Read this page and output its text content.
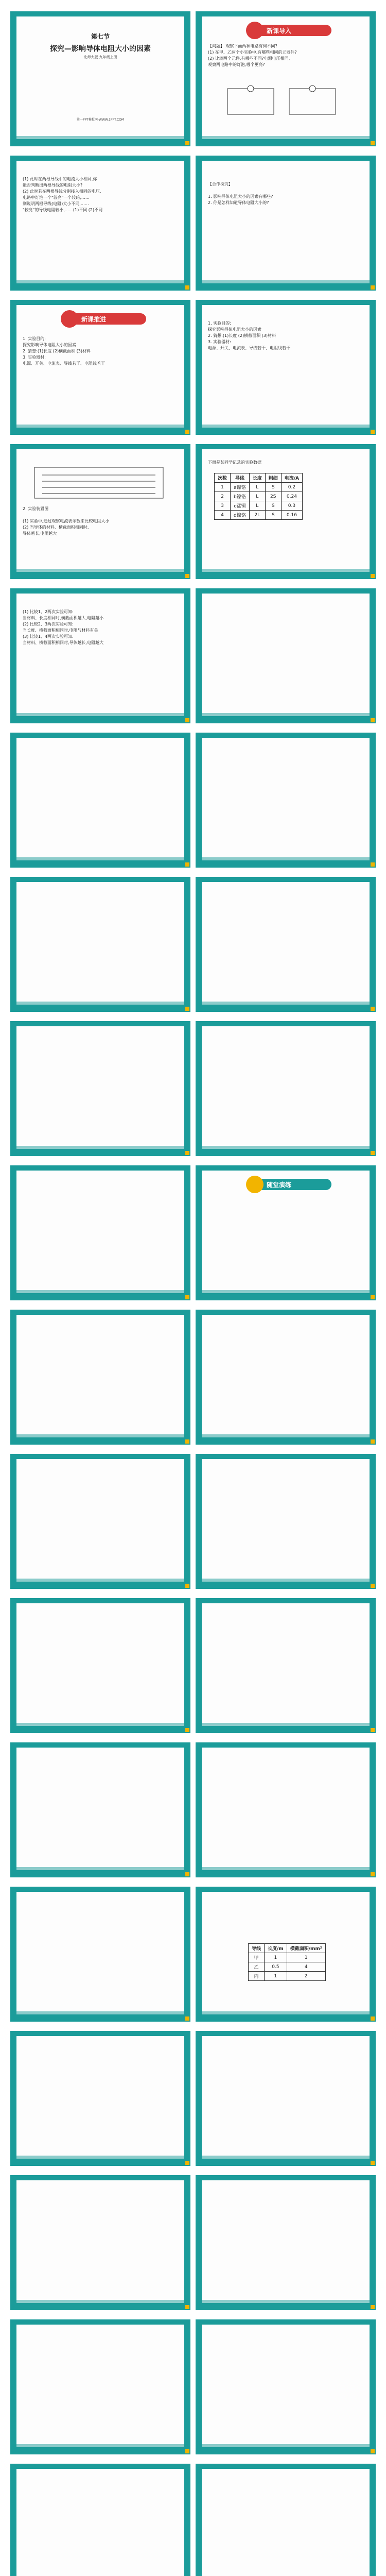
第七节
探究—影响导体电阻大小的因素
北师大版 九年级上册
第一PPT模板网-WWW.1PPT.COM
新课导入
【问题】 观察下面两种电路有何不同?
(1) 在甲、乙两个小实验中,有哪些相同的元器件?
(2) 比较两个元件,有哪些不同?电源电压相同,
观察两电路中的灯泡,哪个更亮?
(1) 此时在两根导线中的电流大小相同,你
能否判断出两根导线的电阻大小?
(2) 此时若在两根导线分别接入相同的电压,
电路中灯泡一个"较亮"一个较暗,……
则说明两根导线(电阻)大小不同,……
"较亮"的导线电阻较小,……(1)不同 (2)不同
【合作探究】

1. 影响导体电阻大小的因素有哪些?
2. 你是怎样知道导体电阻大小的?
新课推进
1. 实验目的:
探究影响导体电阻大小的因素
2. 猜想:(1)长度 (2)横截面积 (3)材料
3. 实验器材:
电源、开关、电流表、导线若干、电阻线若干
1. 实验目的:
探究影响导体电阻大小的因素
2. 猜想:(1)长度 (2)横截面积 (3)材料
3. 实验器材:
电源、开关、电流表、导线若干、电阻线若干
2. 实验装置图

(1) 实验中,通过观察电流表示数来比较电阻大小
(2) 当导体的材料、横截面积相同时,
导体越长,电阻越大
下面是某同学记录的实验数据
次数	导线	长度	粗细	电流/A
1	a镍铬	L	S	0.2
2	b镍铬	L	2S	0.24
3	c锰铜	L	S	0.3
4	d镍铬	2L	S	0.16
(1) 比较1、2两次实验可知:
当材料、长度相同时,横截面积越大,电阻越小
(2) 比较2、3两次实验可知:
当长度、横截面积相同时,电阻与材料有关
(3) 比较1、4两次实验可知:
当材料、横截面积相同时,导体越长,电阻越大
随堂演练
导线	长度/m	横截面积/mm²
甲	1	1
乙	0.5	4
丙	1	2
